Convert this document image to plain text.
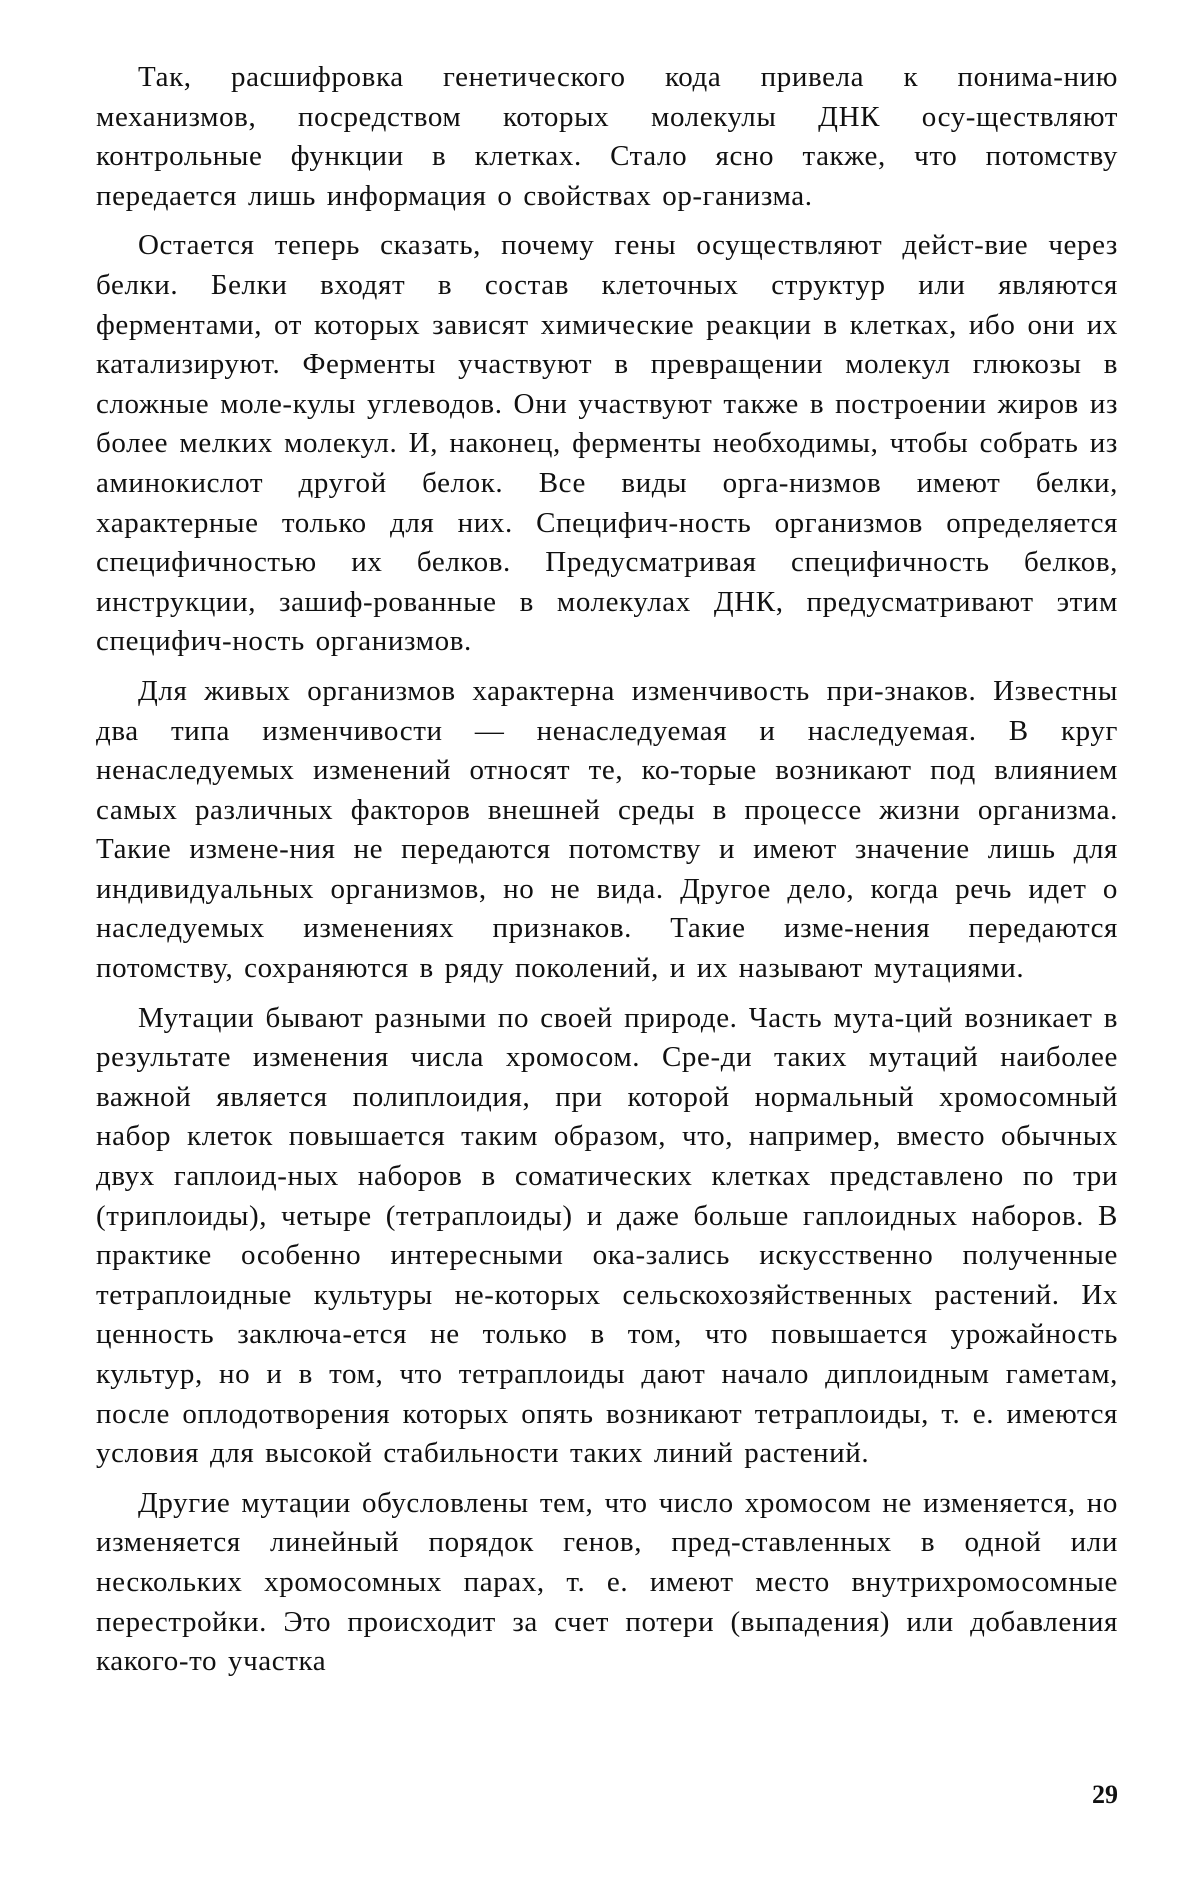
Так, расшифровка генетического кода привела к понима-нию механизмов, посредством которых молекулы ДНК осу-ществляют контрольные функции в клетках. Стало ясно также, что потомству передается лишь информация о свойствах ор-ганизма.

Остается теперь сказать, почему гены осуществляют дейст-вие через белки. Белки входят в состав клеточных структур или являются ферментами, от которых зависят химические реакции в клетках, ибо они их катализируют. Ферменты участвуют в превращении молекул глюкозы в сложные моле-кулы углеводов. Они участвуют также в построении жиров из более мелких молекул. И, наконец, ферменты необходимы, чтобы собрать из аминокислот другой белок. Все виды орга-низмов имеют белки, характерные только для них. Специфич-ность организмов определяется специфичностью их белков. Предусматривая специфичность белков, инструкции, зашиф-рованные в молекулах ДНК, предусматривают этим специфич-ность организмов.

Для живых организмов характерна изменчивость при-знаков. Известны два типа изменчивости — ненаследуемая и наследуемая. В круг ненаследуемых изменений относят те, ко-торые возникают под влиянием самых различных факторов внешней среды в процессе жизни организма. Такие измене-ния не передаются потомству и имеют значение лишь для индивидуальных организмов, но не вида. Другое дело, когда речь идет о наследуемых изменениях признаков. Такие изме-нения передаются потомству, сохраняются в ряду поколений, и их называют мутациями.

Мутации бывают разными по своей природе. Часть мута-ций возникает в результате изменения числа хромосом. Сре-ди таких мутаций наиболее важной является полиплоидия, при которой нормальный хромосомный набор клеток повышается таким образом, что, например, вместо обычных двух гаплоид-ных наборов в соматических клетках представлено по три (триплоиды), четыре (тетраплоиды) и даже больше гаплоидных наборов. В практике особенно интересными ока-зались искусственно полученные тетраплоидные культуры не-которых сельскохозяйственных растений. Их ценность заключа-ется не только в том, что повышается урожайность культур, но и в том, что тетраплоиды дают начало диплоидным гаметам, после оплодотворения которых опять возникают тетраплоиды, т. е. имеются условия для высокой стабильности таких линий растений.

Другие мутации обусловлены тем, что число хромосом не изменяется, но изменяется линейный порядок генов, пред-ставленных в одной или нескольких хромосомных парах, т. е. имеют место внутрихромосомные перестройки. Это происходит за счет потери (выпадения) или добавления какого-то участка

29
